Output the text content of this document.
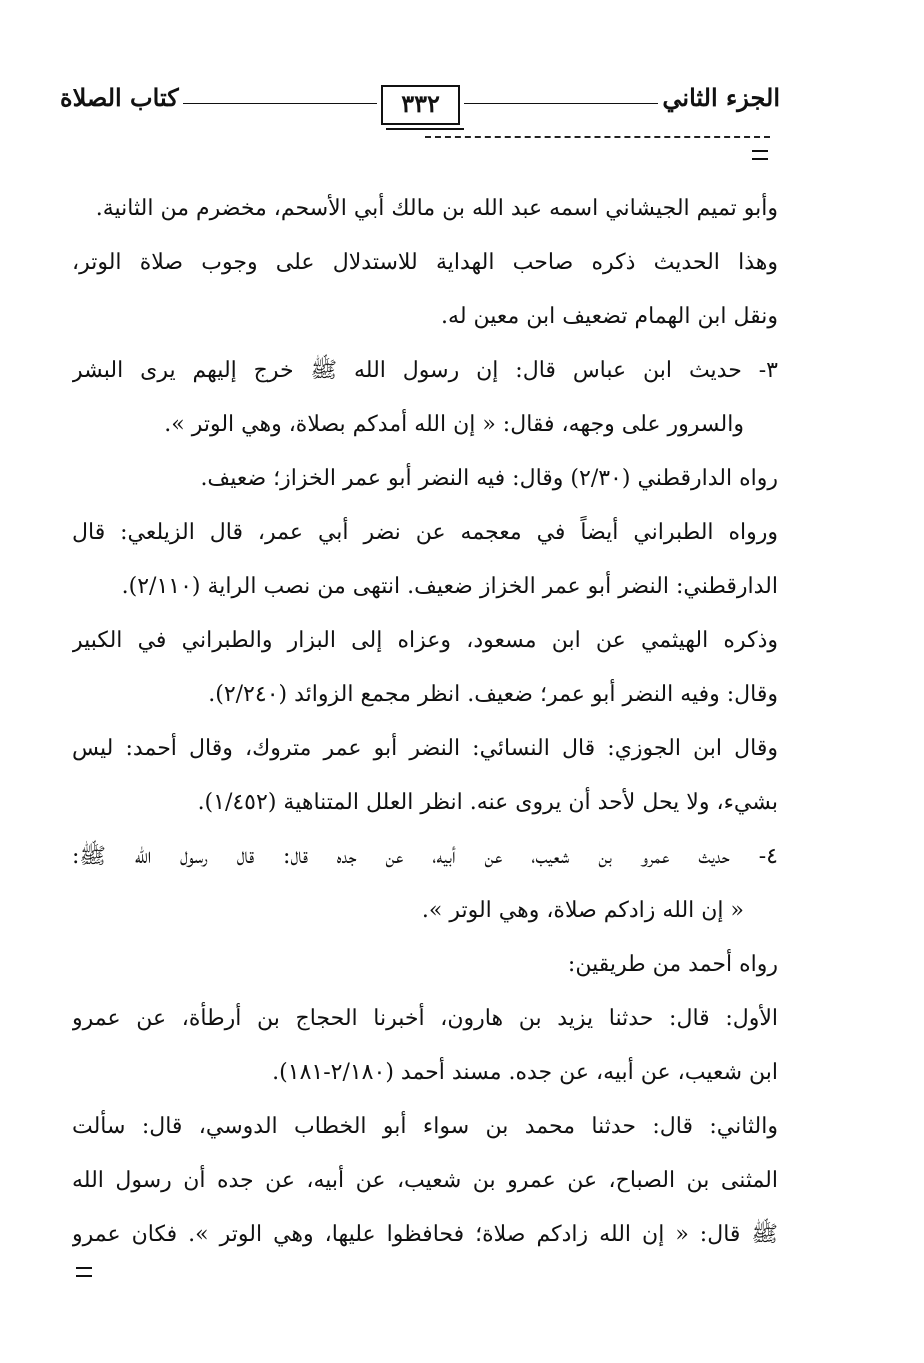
الجزء الثاني
٣٣٢
كتاب الصلاة
وأبو تميم الجيشاني اسمه عبد الله بن مالك أبي الأسحم، مخضرم من الثانية.
وهذا الحديث ذكره صاحب الهداية للاستدلال على وجوب صلاة الوتر،
ونقل ابن الهمام تضعيف ابن معين له.
٣- حديث ابن عباس قال: إن رسول الله ﷺ خرج إليهم يرى البشر
والسرور على وجهه، فقال: « إن الله أمدكم بصلاة، وهي الوتر ».
رواه الدارقطني (٢/٣٠) وقال: فيه النضر أبو عمر الخزاز؛ ضعيف.
ورواه الطبراني أيضاً في معجمه عن نضر أبي عمر، قال الزيلعي: قال
الدارقطني: النضر أبو عمر الخزاز ضعيف. انتهى من نصب الراية (٢/١١٠).
وذكره الهيثمي عن ابن مسعود، وعزاه إلى البزار والطبراني في الكبير
وقال: وفيه النضر أبو عمر؛ ضعيف. انظر مجمع الزوائد (٢/٢٤٠).
وقال ابن الجوزي: قال النسائي: النضر أبو عمر متروك، وقال أحمد: ليس
بشيء، ولا يحل لأحد أن يروى عنه. انظر العلل المتناهية (١/٤٥٢).
٤- حديث عمرو بن شعيب، عن أبيه، عن جده قال: قال رسول الله ﷺ:
« إن الله زادكم صلاة، وهي الوتر ».
رواه أحمد من طريقين:
الأول: قال: حدثنا يزيد بن هارون، أخبرنا الحجاج بن أرطأة، عن عمرو
ابن شعيب، عن أبيه، عن جده. مسند أحمد (٢/١٨٠-١٨١).
والثاني: قال: حدثنا محمد بن سواء أبو الخطاب الدوسي، قال: سألت
المثنى بن الصباح، عن عمرو بن شعيب، عن أبيه، عن جده أن رسول الله
ﷺ قال: « إن الله زادكم صلاة؛ فحافظوا عليها، وهي الوتر ». فكان عمرو
